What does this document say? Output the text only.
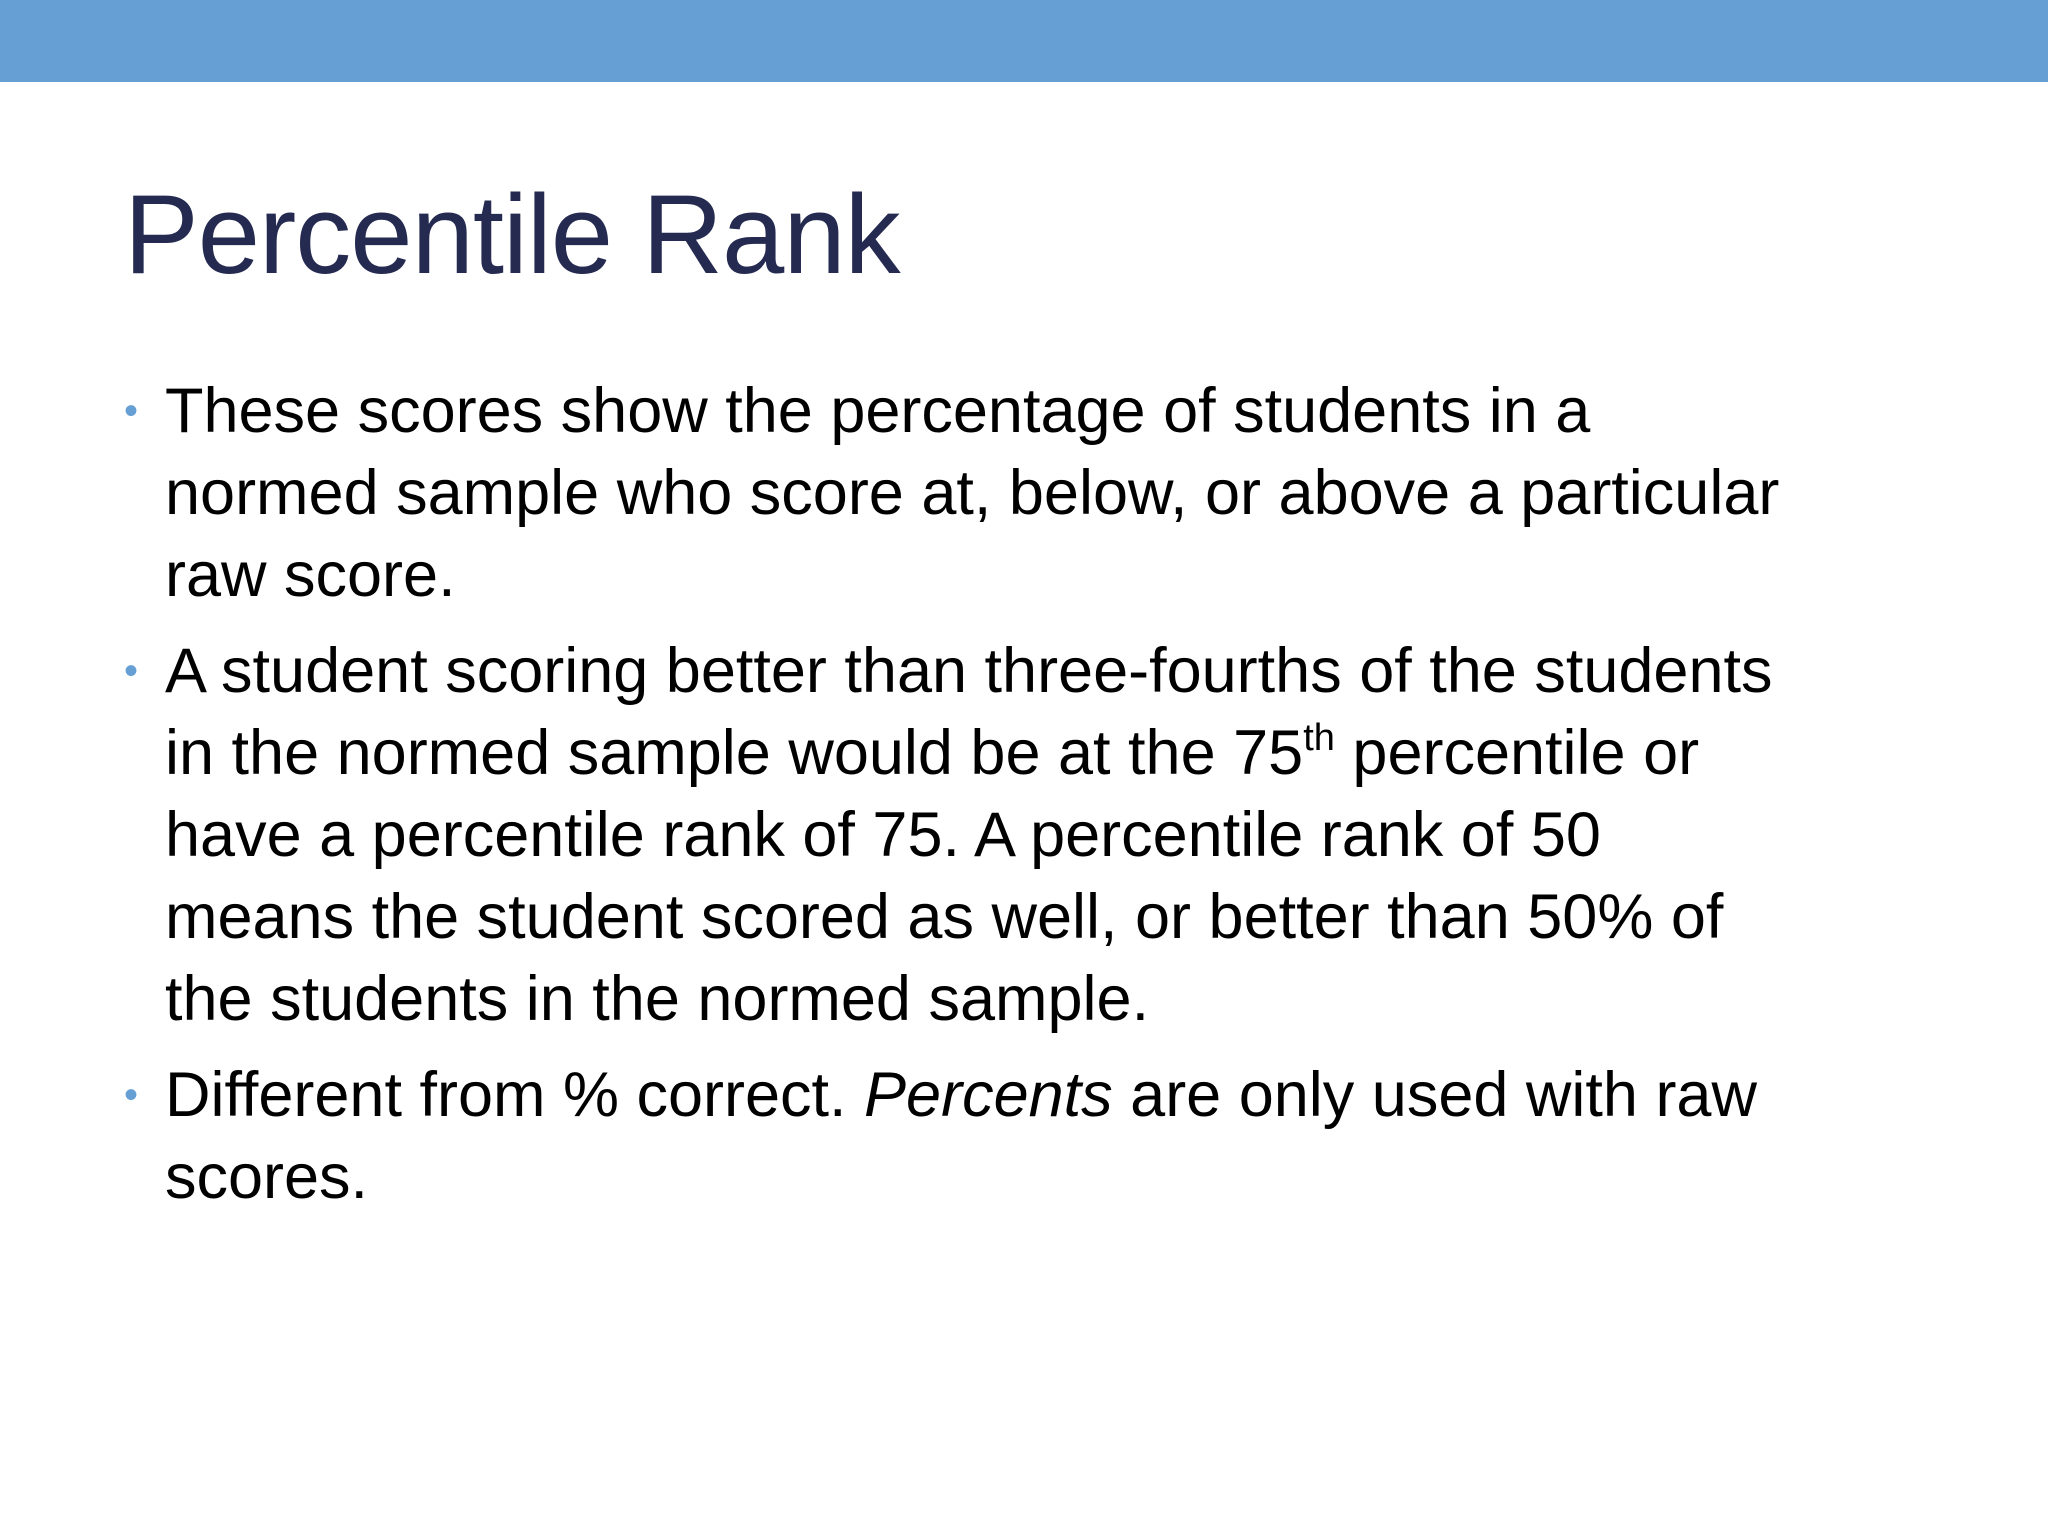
Percentile Rank
• These scores show the percentage of students in a
normed sample who score at, below, or above a particular
raw score.
• A student scoring better than three-fourths of the students
in the normed sample would be at the 75th percentile or
have a percentile rank of 75. A percentile rank of 50
means the student scored as well, or better than 50% of
the students in the normed sample.
• Different from % correct. Percents are only used with raw
scores.
